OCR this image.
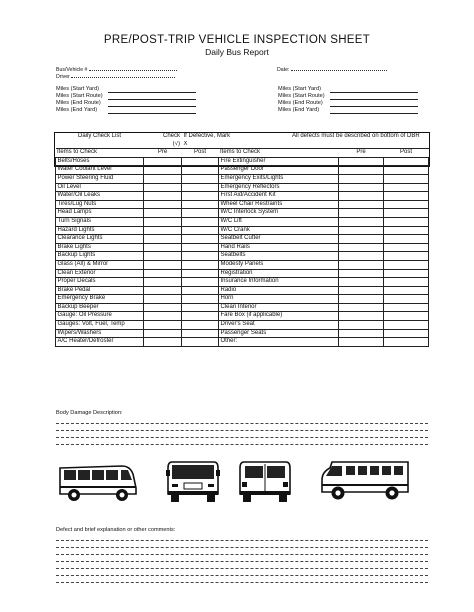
PRE/POST-TRIP VEHICLE INSPECTION SHEET
Daily Bus Report
Bus/Vehicle #
Driver
Date:
Miles (Start Yard)
Miles (Start Route)
Miles (End Route)
Miles (End Yard)
Miles (Start Yard)
Miles (Start Route)
Miles (End Route)
Miles (End Yard)
Daily Check List	Check	If Defective, Mark		All defects must be described on bottom of DBR		
	(√)	X				
Items to Check	Pre	Post	Items to Check		Pre	Post
Belts/Hoses			Fire Extinguisher			
Water Coolant Level			Passenger Door			
Power Steering Fluid			Emergency Exits/Lights			
Oil Level			Emergency Reflectors			
Water/Oil Leaks			First Aid/Accident Kit			
Tires/Lug Nuts			Wheel Chair Restraints			
Head Lamps			W/C Interlock System			
Turn Signals			W/C Lift			
Hazard Lights			W/C Crank			
Clearance Lights			Seatbelt Cutter			
Brake Lights			Hand Rails			
Backup Lights			Seatbelts			
Glass (All) & Mirror			Modesty Panels			
Clean Exterior			Registration			
Proper Decals			Insurance Information			
Brake Pedal			Radio			
Emergency Brake			Horn			
Backup Beeper			Clean Interior			
Gauge: Oil Pressure			Fare Box (if applicable)			
Gauges: Volt, Fuel, Temp			Driver's Seat			
Wipers/Washers			Passenger Seats			
A/C Heater/Defroster			Other:			
Body Damage Description:
Defect and brief explanation or other comments:
